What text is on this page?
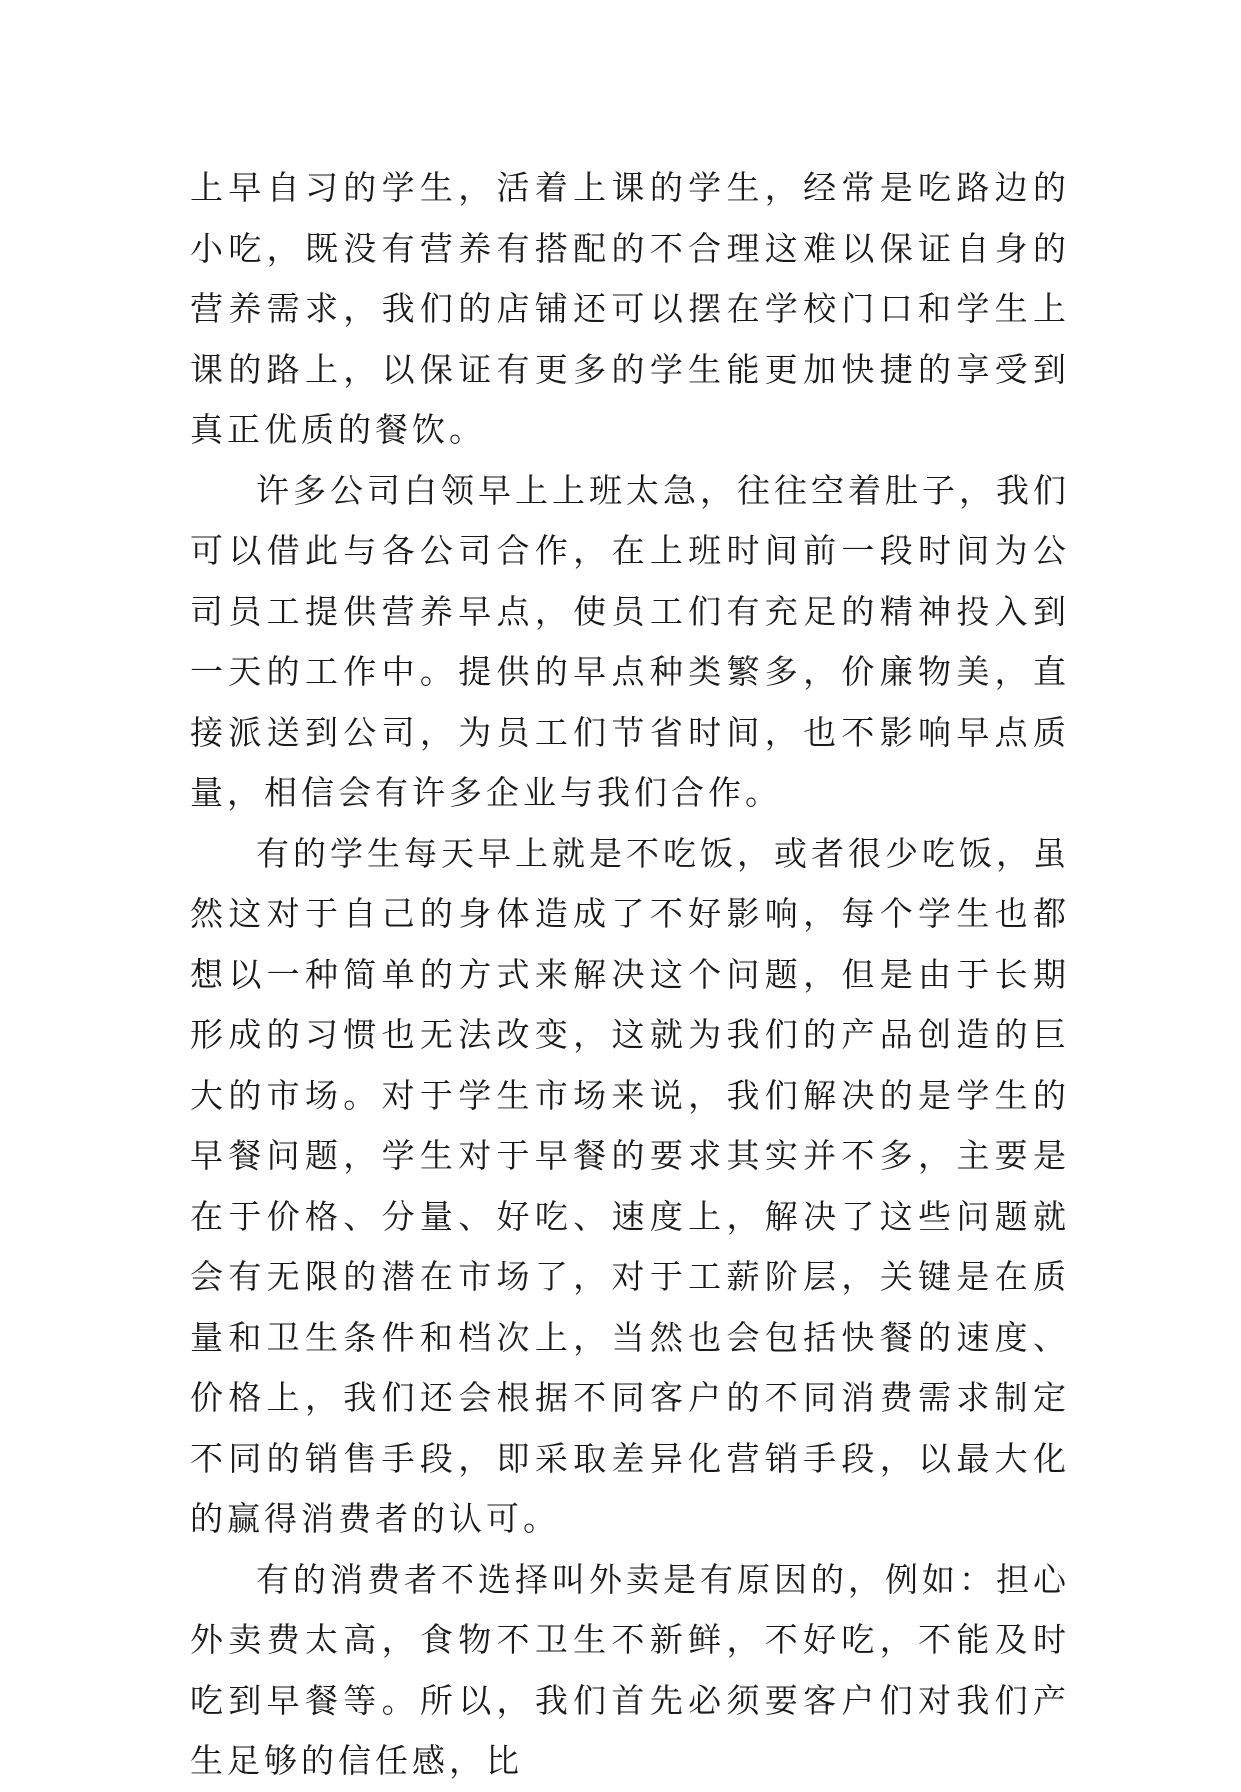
上早自习的学生，活着上课的学生，经常是吃路边的小吃，既没有营养有搭配的不合理这难以保证自身的营养需求，我们的店铺还可以摆在学校门口和学生上课的路上，以保证有更多的学生能更加快捷的享受到真正优质的餐饮。

许多公司白领早上上班太急，往往空着肚子，我们可以借此与各公司合作，在上班时间前一段时间为公司员工提供营养早点，使员工们有充足的精神投入到一天的工作中。提供的早点种类繁多，价廉物美，直接派送到公司，为员工们节省时间，也不影响早点质量，相信会有许多企业与我们合作。

有的学生每天早上就是不吃饭，或者很少吃饭，虽然这对于自己的身体造成了不好影响，每个学生也都想以一种简单的方式来解决这个问题，但是由于长期形成的习惯也无法改变，这就为我们的产品创造的巨大的市场。对于学生市场来说，我们解决的是学生的早餐问题，学生对于早餐的要求其实并不多，主要是在于价格、分量、好吃、速度上，解决了这些问题就会有无限的潜在市场了，对于工薪阶层，关键是在质量和卫生条件和档次上，当然也会包括快餐的速度、价格上，我们还会根据不同客户的不同消费需求制定不同的销售手段，即采取差异化营销手段，以最大化的赢得消费者的认可。

有的消费者不选择叫外卖是有原因的，例如：担心外卖费太高，食物不卫生不新鲜，不好吃，不能及时吃到早餐等。所以，我们首先必须要客户们对我们产生足够的信任感，比
